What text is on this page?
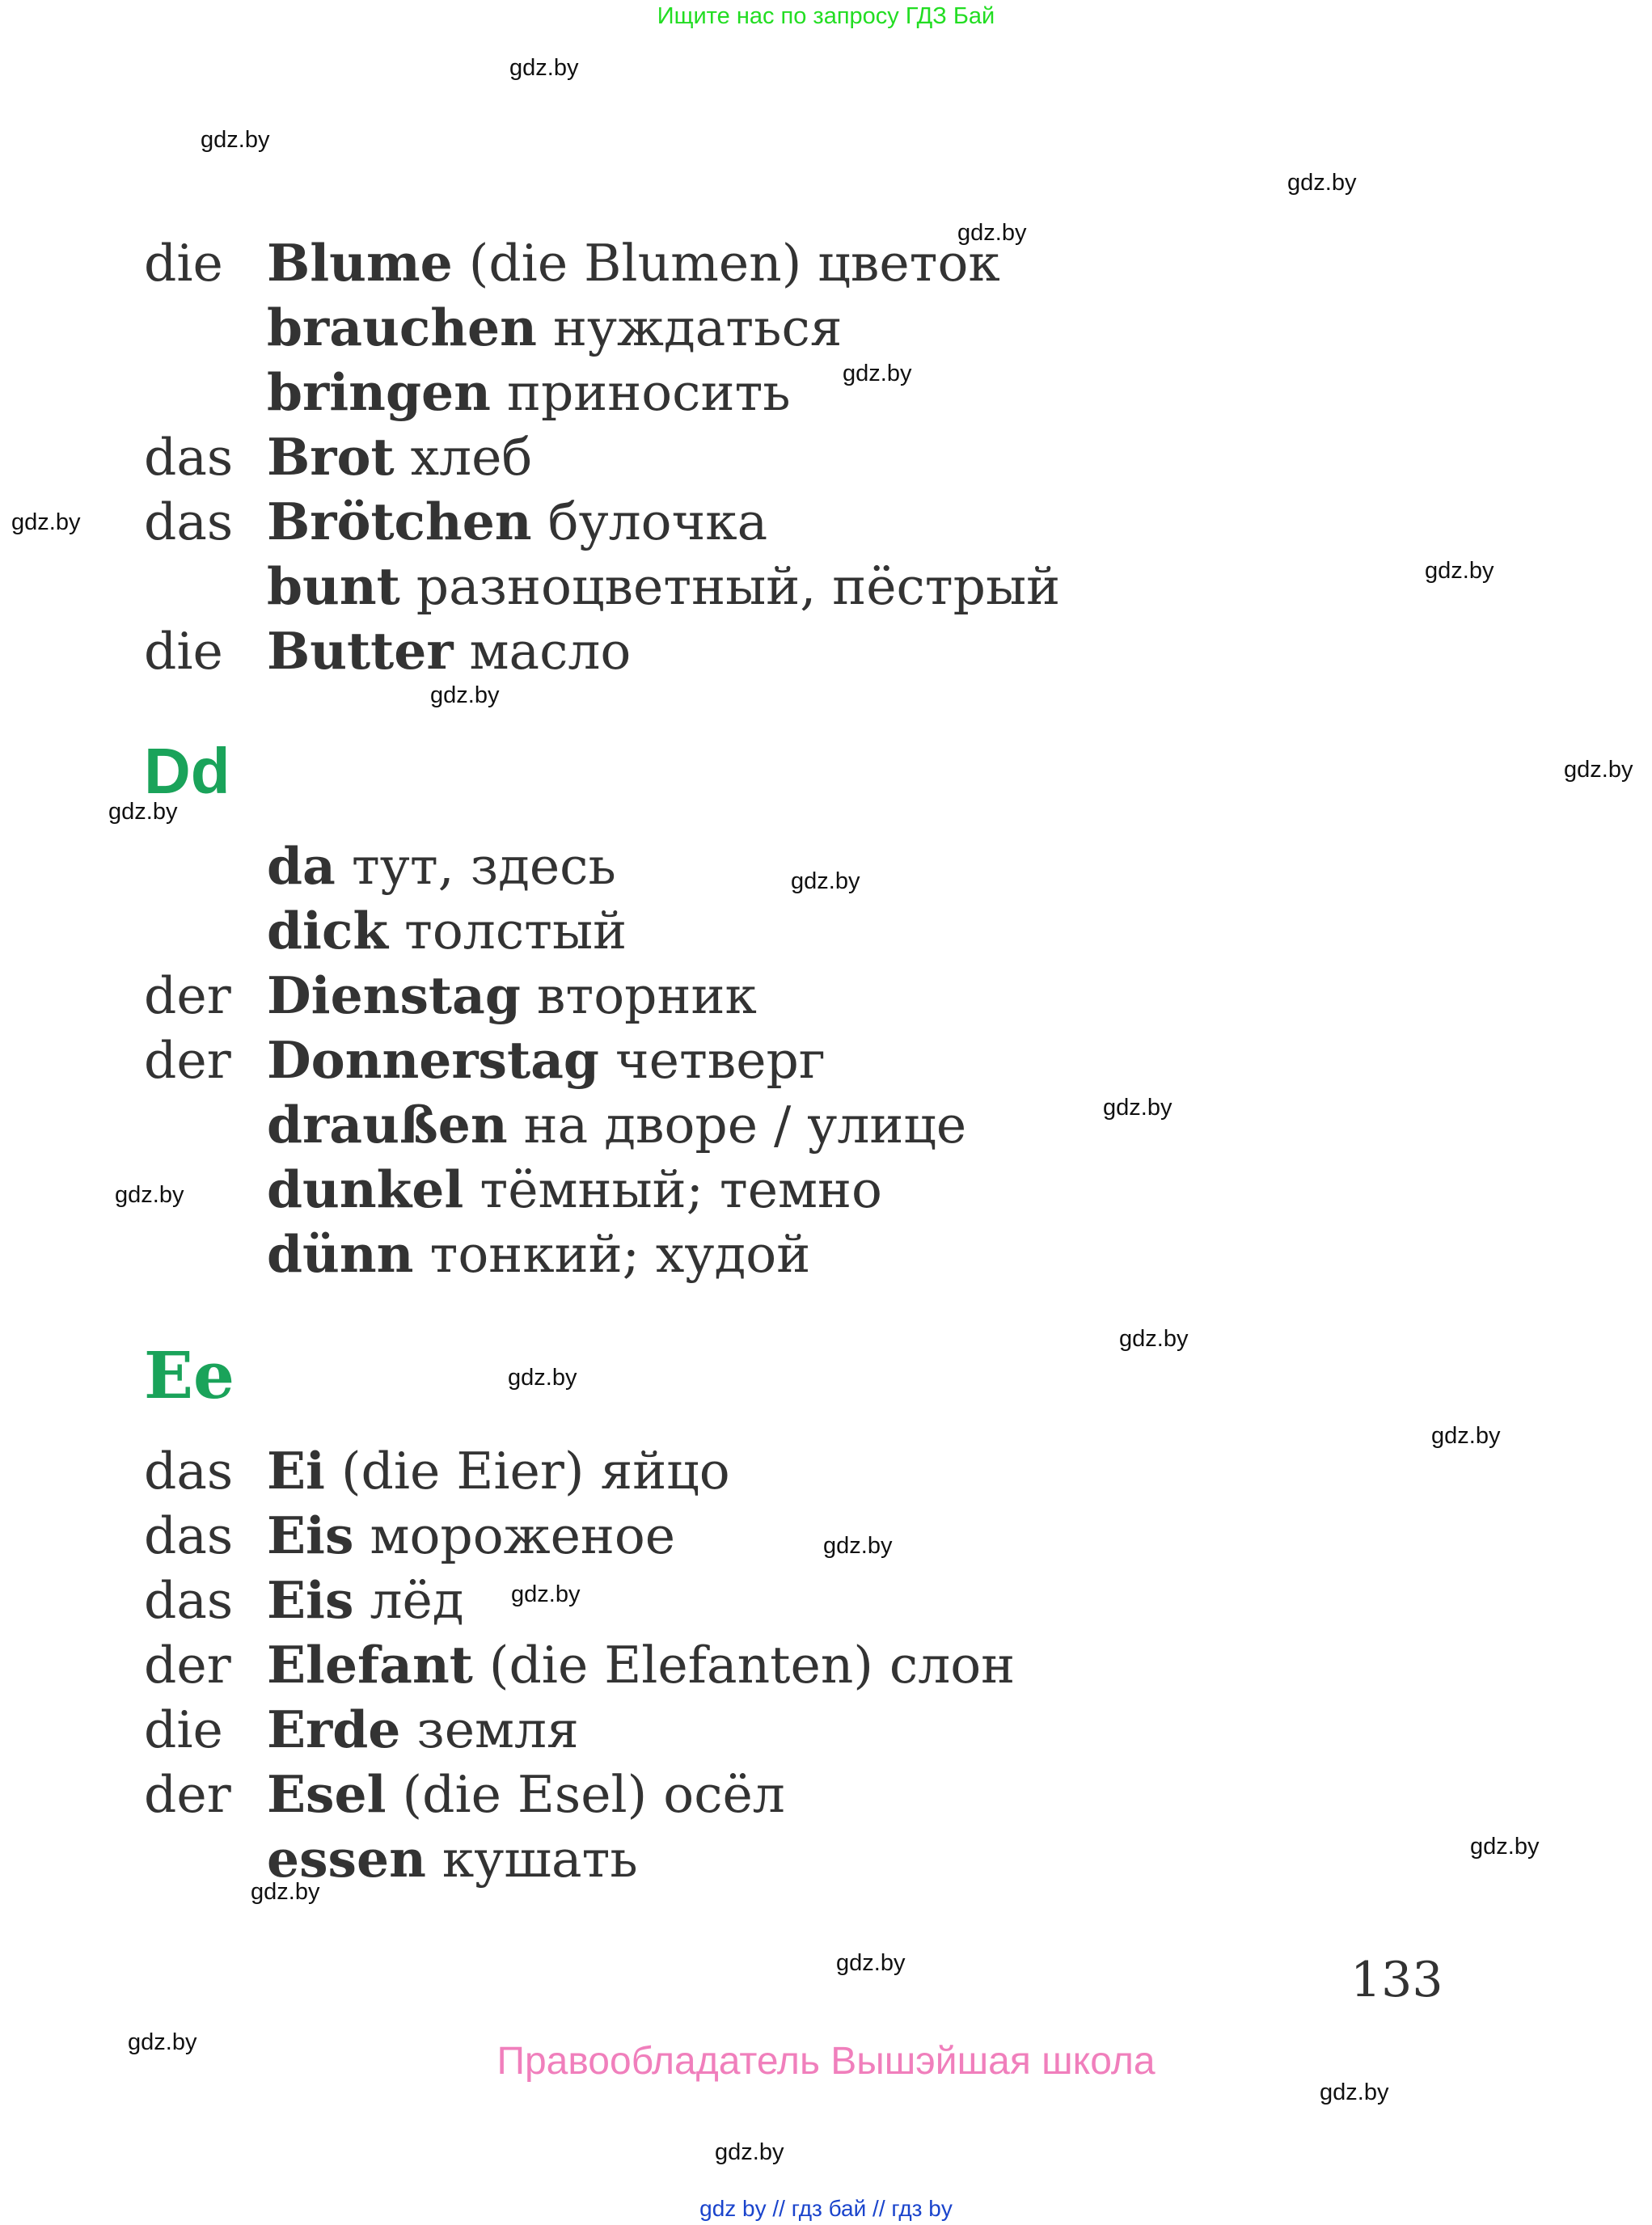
Ищите нас по запросу ГДЗ Бай
die Blume (die Blumen) цветок
brauchen нуждаться
bringen приносить
das Brot хлеб
das Brötchen булочка
bunt разноцветный, пёстрый
die Butter масло
Dd
da тут, здесь
dick толстый
der Dienstag вторник
der Donnerstag четверг
draußen на дворе / улице
dunkel тёмный; темно
dünn тонкий; худой
Ee
das Ei (die Eier) яйцо
das Eis мороженое
das Eis лёд
der Elefant (die Elefanten) слон
die Erde земля
der Esel (die Esel) осёл
essen кушать
133
Правообладатель Вышэйшая школа
gdz by // гдз бай // гдз by
gdz.by
gdz.by
gdz.by
gdz.by
gdz.by
gdz.by
gdz.by
gdz.by
gdz.by
gdz.by
gdz.by
gdz.by
gdz.by
gdz.by
gdz.by
gdz.by
gdz.by
gdz.by
gdz.by
gdz.by
gdz.by
gdz.by
gdz.by
gdz.by
